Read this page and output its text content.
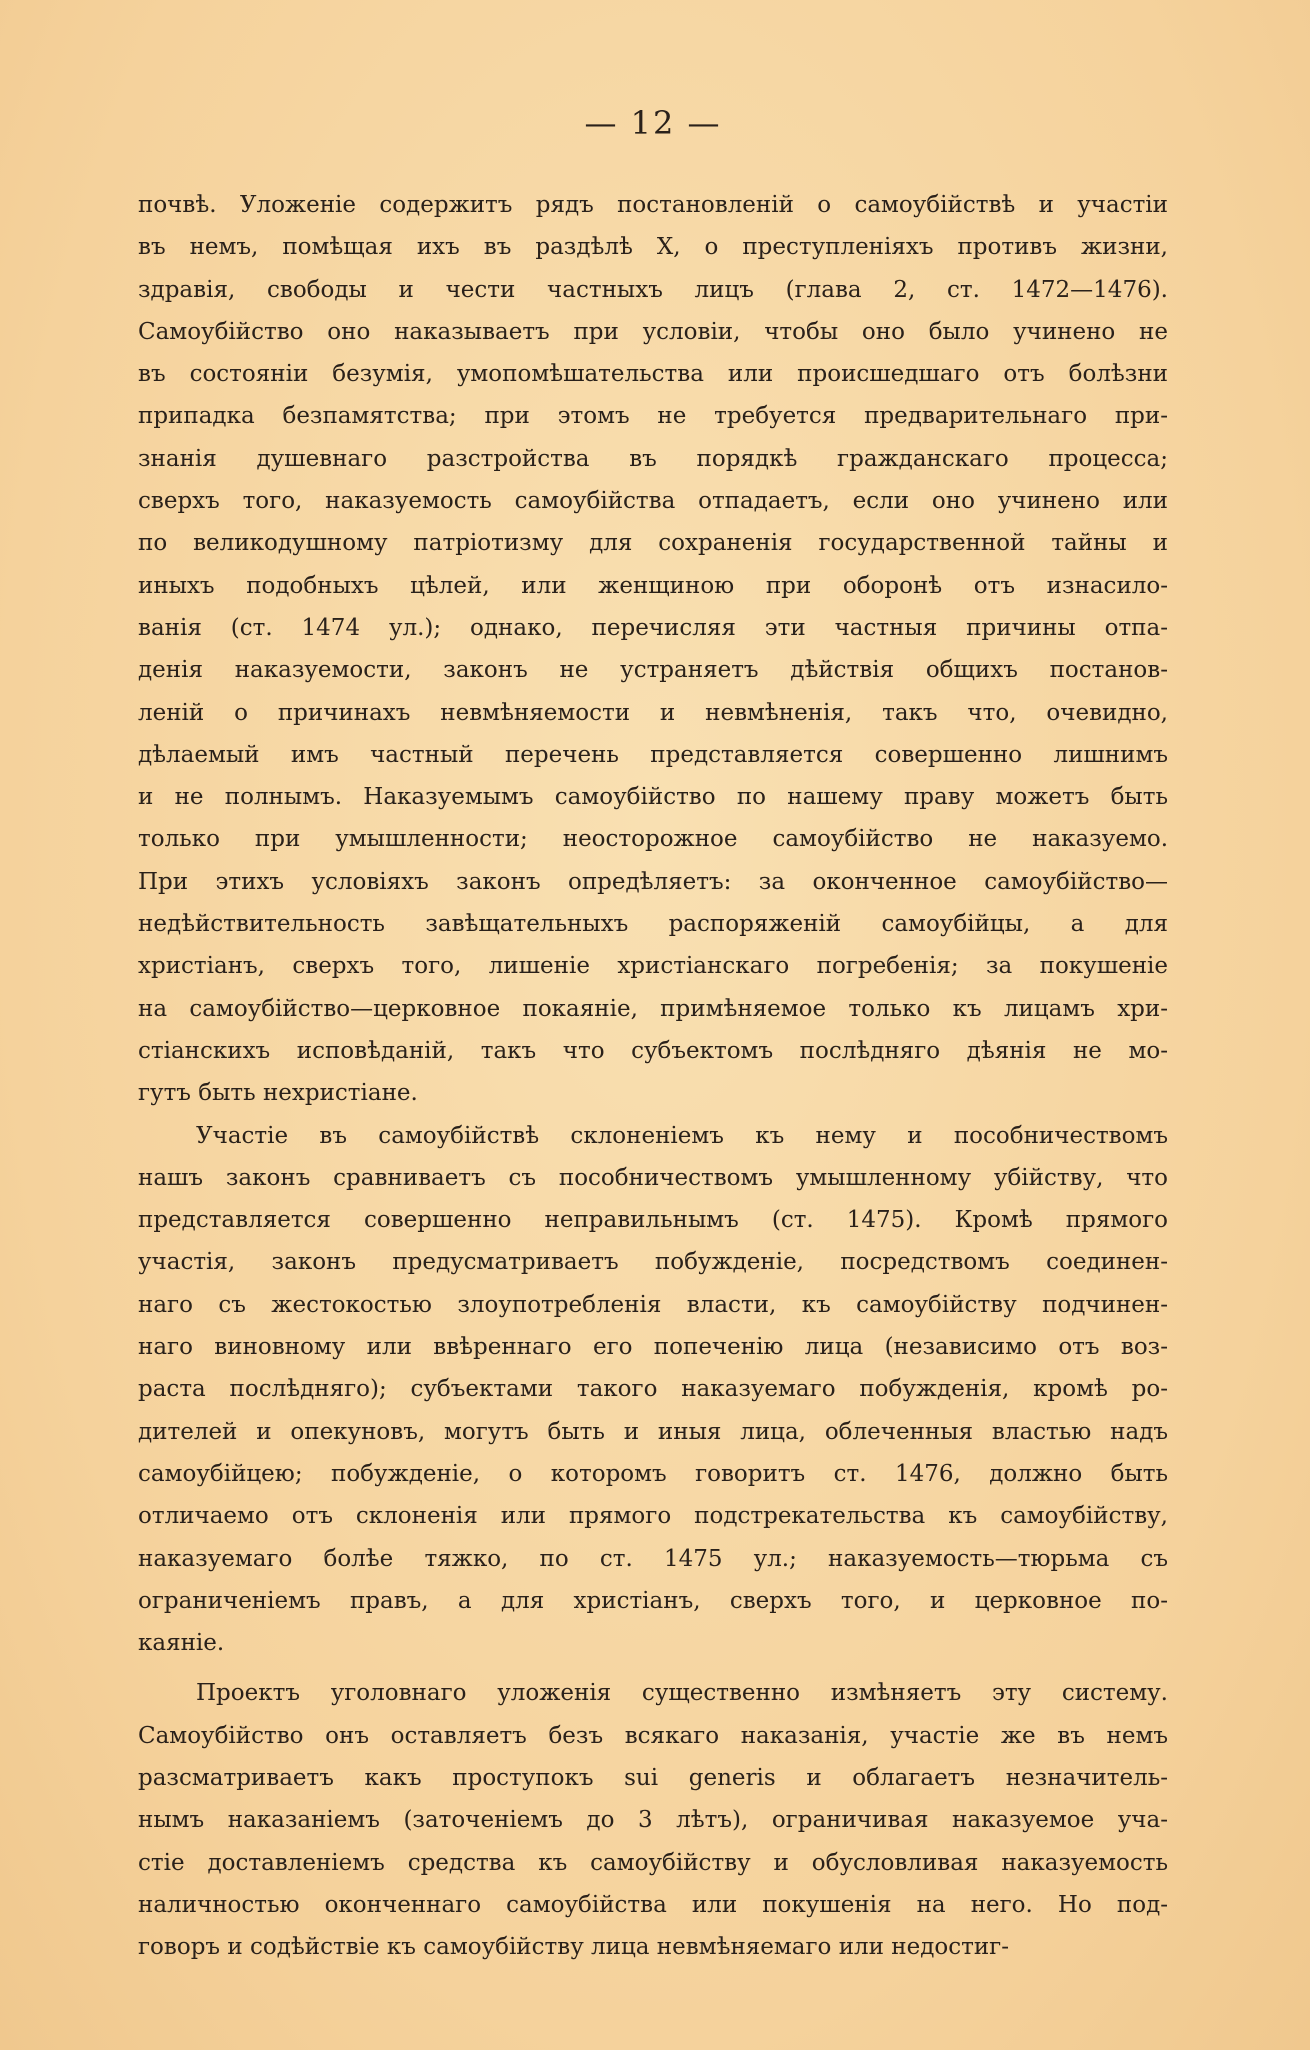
— 12 —
почвѣ. Уложеніе содержитъ рядъ постановленій о самоубійствѣ и участіи
въ немъ, помѣщая ихъ въ раздѣлѣ X, о преступленіяхъ противъ жизни,
здравія, свободы и чести частныхъ лицъ (глава 2, ст. 1472—1476).
Самоубійство оно наказываетъ при условіи, чтобы оно было учинено не
въ состояніи безумія, умопомѣшательства или происшедшаго отъ болѣзни
припадка безпамятства; при этомъ не требуется предварительнаго при-
знанія душевнаго разстройства въ порядкѣ гражданскаго процесса;
сверхъ того, наказуемость самоубійства отпадаетъ, если оно учинено или
по великодушному патріотизму для сохраненія государственной тайны и
иныхъ подобныхъ цѣлей, или женщиною при оборонѣ отъ изнасило-
ванія (ст. 1474 ул.); однако, перечисляя эти частныя причины отпа-
денія наказуемости, законъ не устраняетъ дѣйствія общихъ постанов-
леній о причинахъ невмѣняемости и невмѣненія, такъ что, очевидно,
дѣлаемый имъ частный перечень представляется совершенно лишнимъ
и не полнымъ. Наказуемымъ самоубійство по нашему праву можетъ быть
только при умышленности; неосторожное самоубійство не наказуемо.
При этихъ условіяхъ законъ опредѣляетъ: за оконченное самоубійство—
недѣйствительность завѣщательныхъ распоряженій самоубійцы, а для
христіанъ, сверхъ того, лишеніе христіанскаго погребенія; за покушеніе
на самоубійство—церковное покаяніе, примѣняемое только къ лицамъ хри-
стіанскихъ исповѣданій, такъ что субъектомъ послѣдняго дѣянія не мо-
гутъ быть нехристіане.
Участіе въ самоубійствѣ склоненіемъ къ нему и пособничествомъ
нашъ законъ сравниваетъ съ пособничествомъ умышленному убійству, что
представляется совершенно неправильнымъ (ст. 1475). Кромѣ прямого
участія, законъ предусматриваетъ побужденіе, посредствомъ соединен-
наго съ жестокостью злоупотребленія власти, къ самоубійству подчинен-
наго виновному или ввѣреннаго его попеченію лица (независимо отъ воз-
раста послѣдняго); субъектами такого наказуемаго побужденія, кромѣ ро-
дителей и опекуновъ, могутъ быть и иныя лица, облеченныя властью надъ
самоубійцею; побужденіе, о которомъ говоритъ ст. 1476, должно быть
отличаемо отъ склоненія или прямого подстрекательства къ самоубійству,
наказуемаго болѣе тяжко, по ст. 1475 ул.; наказуемость—тюрьма съ
ограниченіемъ правъ, а для христіанъ, сверхъ того, и церковное по-
каяніе.
Проектъ уголовнаго уложенія существенно измѣняетъ эту систему.
Самоубійство онъ оставляетъ безъ всякаго наказанія, участіе же въ немъ
разсматриваетъ какъ проступокъ sui generis и облагаетъ незначитель-
нымъ наказаніемъ (заточеніемъ до 3 лѣтъ), ограничивая наказуемое уча-
стіе доставленіемъ средства къ самоубійству и обусловливая наказуемость
наличностью оконченнаго самоубійства или покушенія на него. Но под-
говоръ и содѣйствіе къ самоубійству лица невмѣняемаго или недостиг-
